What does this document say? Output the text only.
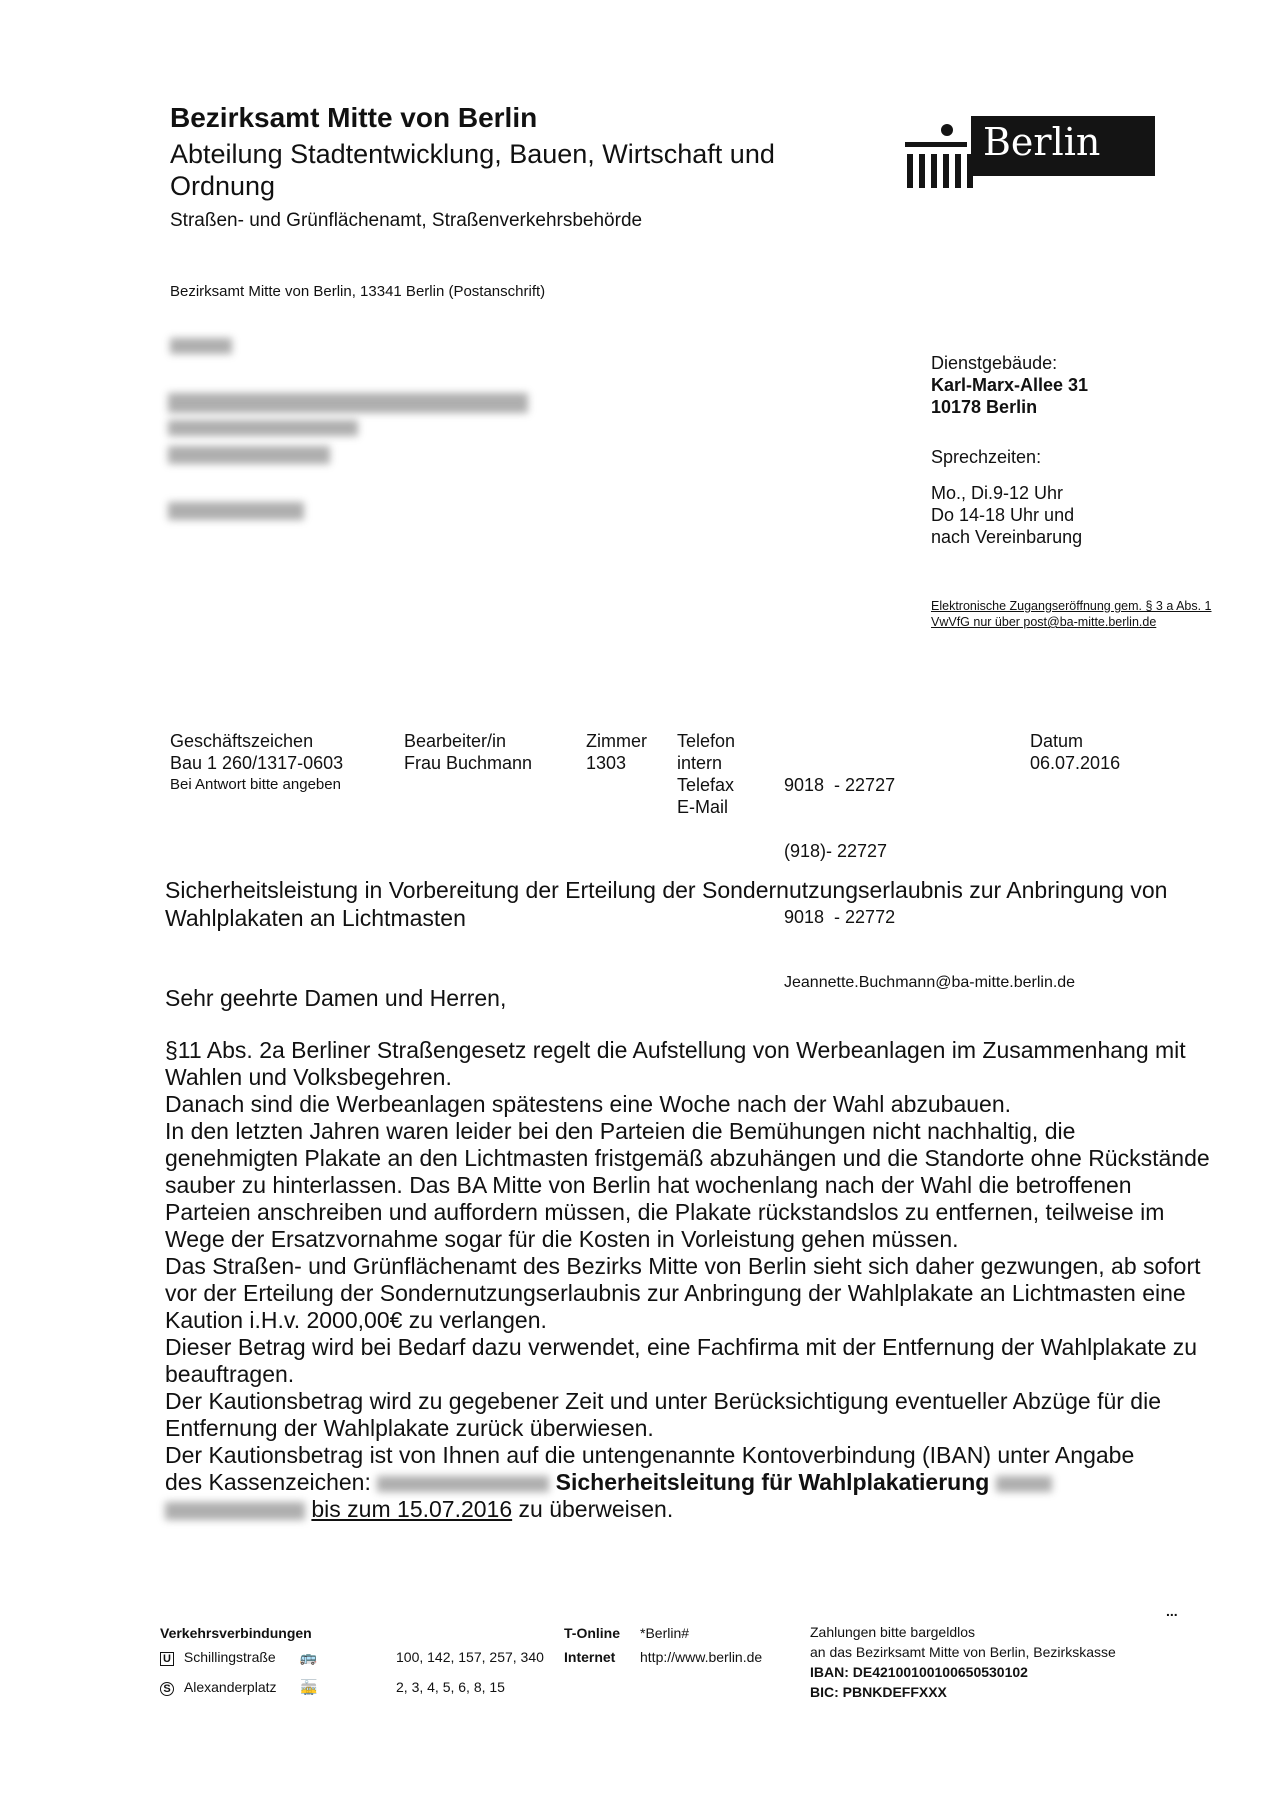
Bezirksamt Mitte von Berlin
Abteilung Stadtentwicklung, Bauen, Wirtschaft und Ordnung
Straßen- und Grünflächenamt, Straßenverkehrsbehörde
Berlin
Bezirksamt Mitte von Berlin, 13341 Berlin (Postanschrift)
Dienstgebäude:
Karl-Marx-Allee 31
10178 Berlin
Sprechzeiten:
Mo., Di.9-12 Uhr
Do 14-18 Uhr und
nach Vereinbarung
Elektronische Zugangseröffnung gem. § 3 a Abs. 1 VwVfG nur über post@ba-mitte.berlin.de
Geschäftszeichen
Bau 1 260/1317-0603
Bei Antwort bitte angeben
Bearbeiter/in
Frau Buchmann
Zimmer
1303
Telefon
intern
Telefax
E-Mail

9018  - 22727

(918)- 22727

9018  - 22772

Jeannette.Buchmann@ba-mitte.berlin.de

Datum
06.07.2016
Sicherheitsleistung in Vorbereitung der Erteilung der Sondernutzungserlaubnis zur Anbringung von Wahlplakaten an Lichtmasten
Sehr geehrte Damen und Herren,

§11 Abs. 2a Berliner Straßengesetz regelt die Aufstellung von Werbeanlagen im Zusammenhang mit Wahlen und Volksbegehren.

Danach sind die Werbeanlagen spätestens eine Woche nach der Wahl abzubauen.

In den letzten Jahren waren leider bei den Parteien die Bemühungen nicht nachhaltig, die genehmigten Plakate an den Lichtmasten fristgemäß abzuhängen und die Standorte ohne Rückstände sauber zu hinterlassen. Das BA Mitte von Berlin hat wochenlang nach der Wahl die betroffenen Parteien anschreiben und auffordern müssen, die Plakate rückstandslos zu entfernen, teilweise im Wege der Ersatzvornahme sogar für die Kosten in Vorleistung gehen müssen.

Das Straßen- und Grünflächenamt des Bezirks Mitte von Berlin sieht sich daher gezwungen, ab sofort vor der Erteilung der Sondernutzungserlaubnis zur Anbringung der Wahlplakate an Lichtmasten eine Kaution i.H.v. 2000,00€ zu verlangen.

Dieser Betrag wird bei Bedarf dazu verwendet, eine Fachfirma mit der Entfernung der Wahlplakate zu beauftragen.

Der Kautionsbetrag wird zu gegebener Zeit und unter Berücksichtigung eventueller Abzüge für die Entfernung der Wahlplakate zurück überwiesen.

Der Kautionsbetrag ist von Ihnen auf die untengenannte Kontoverbindung (IBAN) unter Angabe

des Kassenzeichen:	Sicherheitsleitung für Wahlplakatierung

bis zum 15.07.2016 zu überweisen.

Verkehrsverbindungen
U Schillingstraße 🚌
S Alexanderplatz 🚋
100, 142, 157, 257, 340
2, 3, 4, 5, 6, 8, 15
T-Online
Internet
*Berlin#
http://www.berlin.de
Zahlungen bitte bargeldlos
an das Bezirksamt Mitte von Berlin, Bezirkskasse
IBAN: DE42100100100650530102
BIC: PBNKDEFFXXX
...
